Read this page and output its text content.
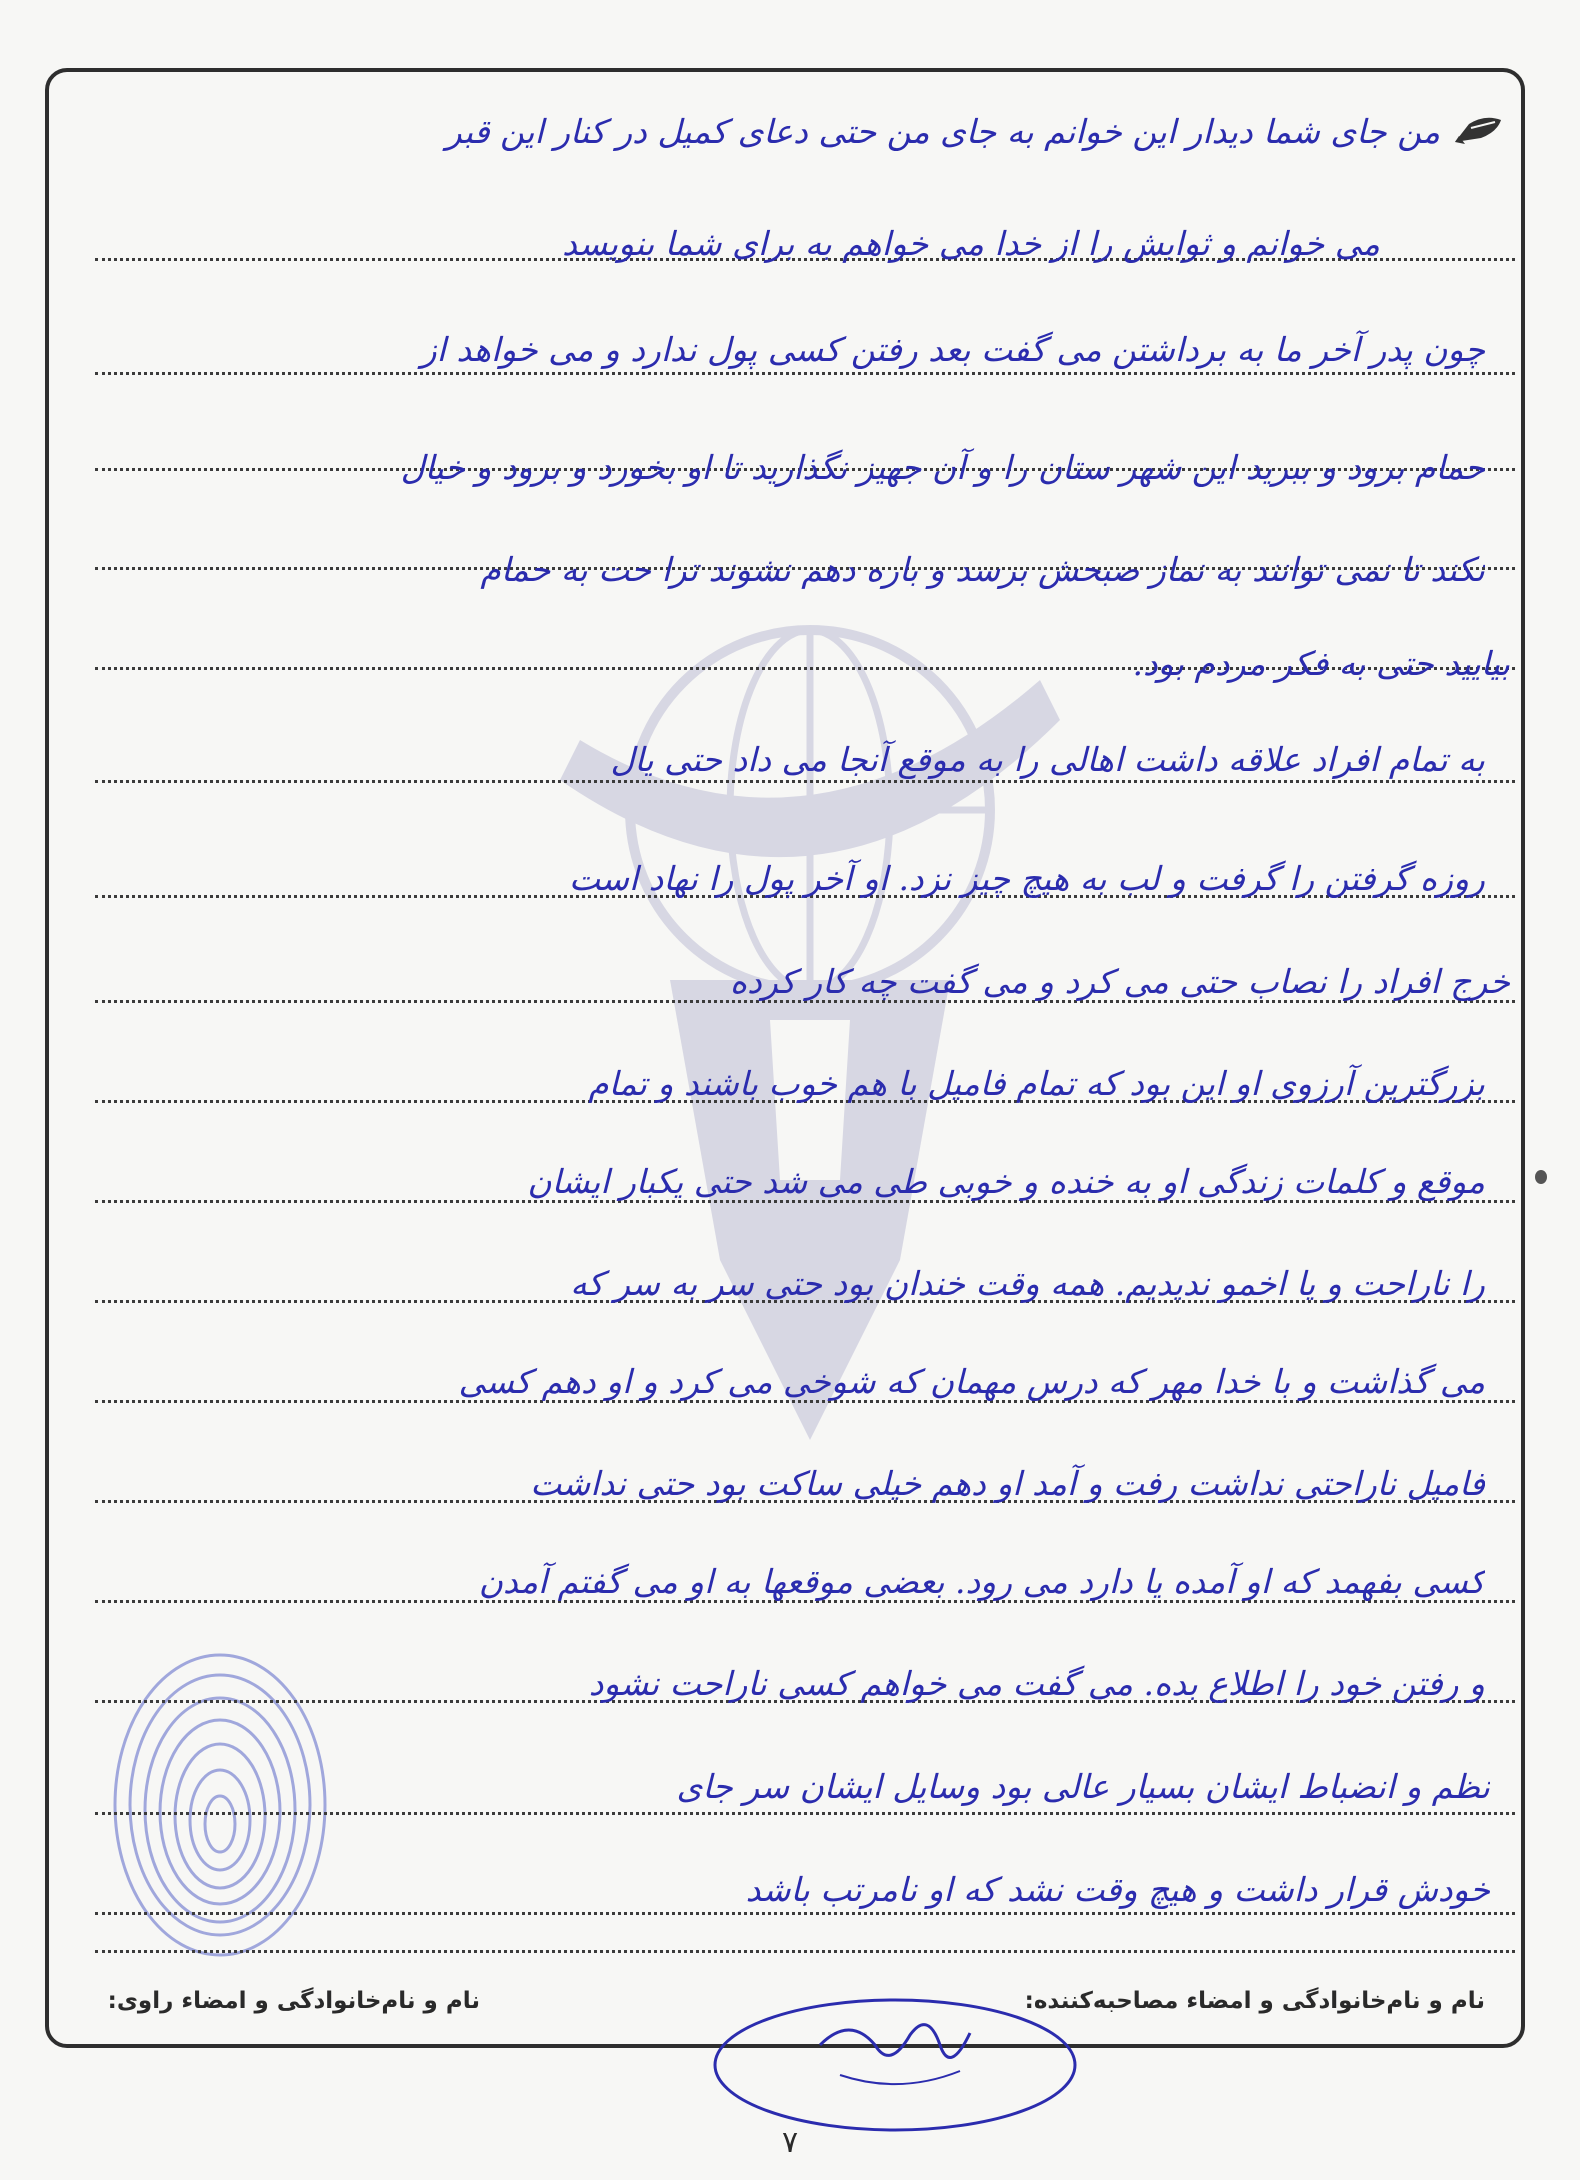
من جای شما دیدار این خوانم به جای من حتی دعای کمیل در کنار این قبر
می خوانم و ثوابش را از خدا می خواهم به برای شما بنویسد
چون پدر آخر ما به برداشتن می گفت بعد رفتن کسی پول ندارد و می خواهد از
حمام برود و ببرید این شهر ستان را و آن جهیز نگذارید تا او بخورد و برود و خیال
نکند تا نمی توانند به نماز صبحش برسد و باره دهم نشوند ترا حت به حمام
بیایید حتی به فکر مردم بود.
به تمام افراد علاقه داشت اهالی را به موقع آنجا می داد حتی یال
روزه گرفتن را گرفت و لب به هیچ چیز نزد. او آخر پول را نهاد است
خرج افراد را نصاب حتی می کرد و می گفت چه کار کرده
بزرگترین آرزوی او این بود که تمام فامیل با هم خوب باشند و تمام
موقع و کلمات زندگی او به خنده و خوبی طی می شد حتی یکبار ایشان
را ناراحت و یا اخمو ندیدیم. همه وقت خندان بود حتی سر به سر که
می گذاشت و با خدا مهر که درس مهمان که شوخی می کرد و او دهم کسی
فامیل ناراحتی نداشت رفت و آمد او دهم خیلی ساکت بود حتی نداشت
کسی بفهمد که او آمده یا دارد می رود. بعضی موقعها به او می گفتم آمدن
و رفتن خود را اطلاع بده. می گفت می خواهم کسی ناراحت نشود
نظم و انضباط ایشان بسیار عالی بود وسایل ایشان سر جای
خودش قرار داشت و هیچ وقت نشد که او نامرتب باشد
نام و نام‌خانوادگی و امضاء مصاحبه‌کننده:
نام و نام‌خانوادگی و امضاء راوی:
۷
